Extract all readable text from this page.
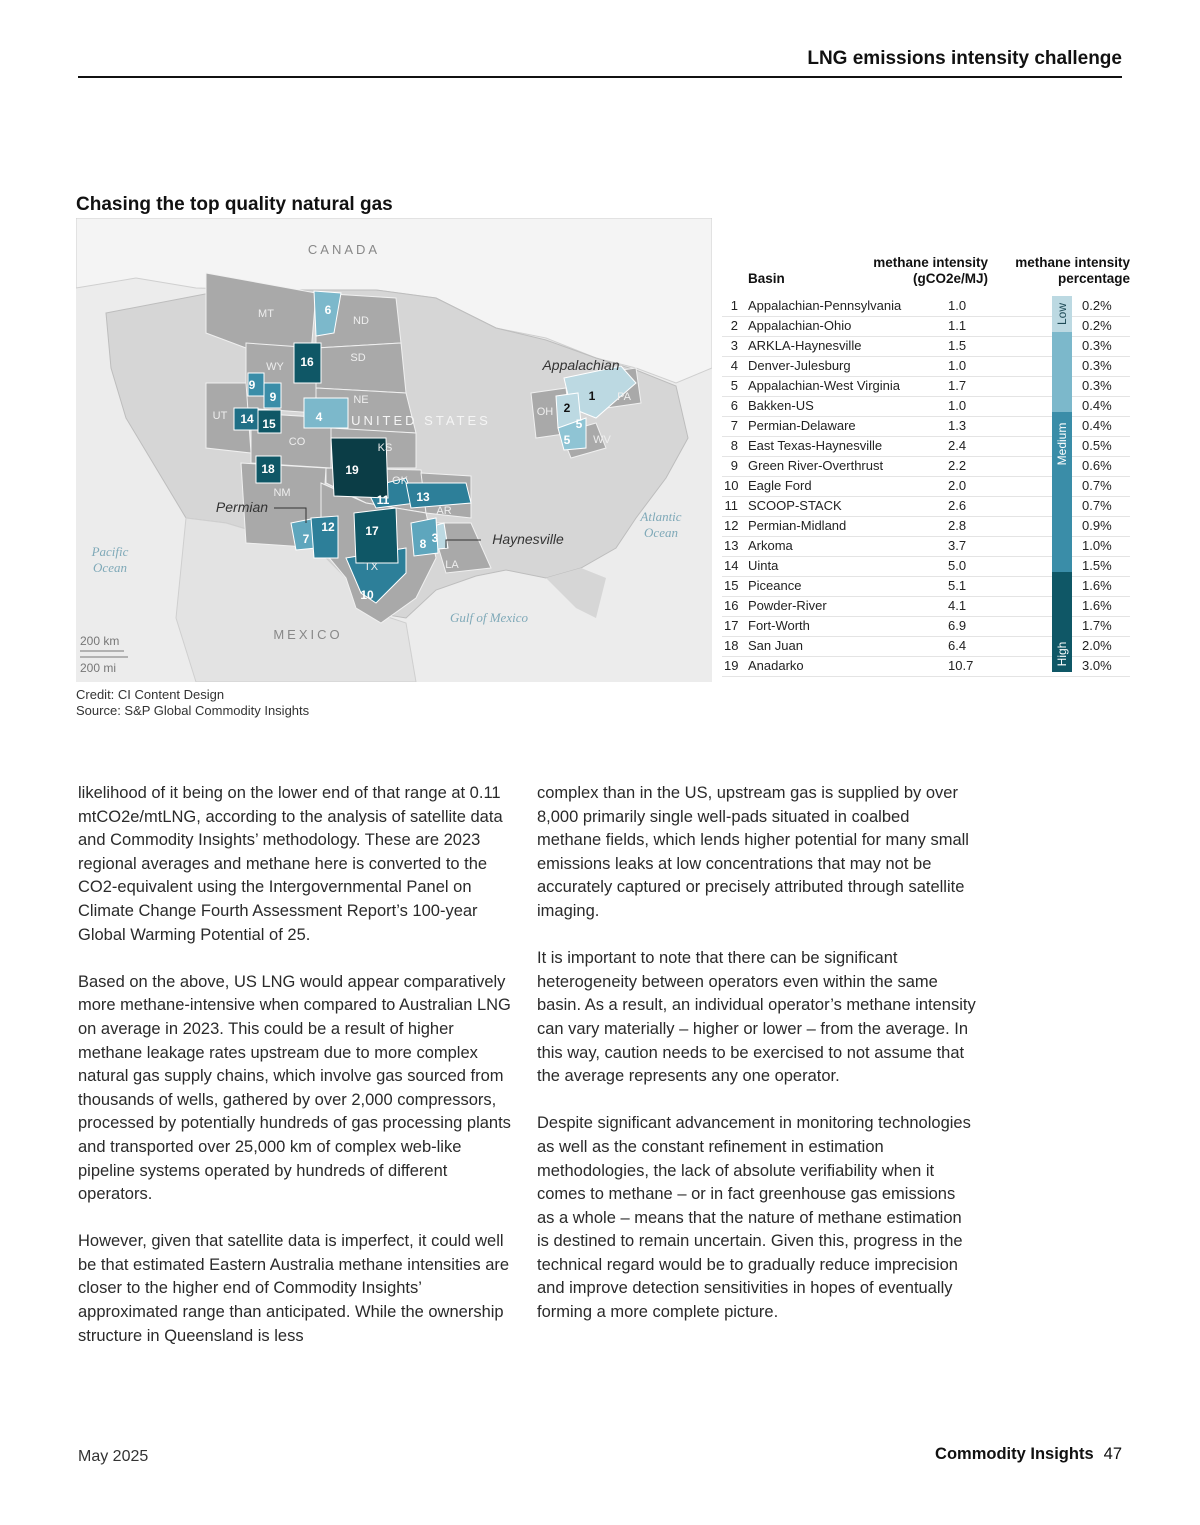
LNG emissions intensity challenge
Chasing the top quality natural gas
1
2
3
4
5
5
6
7	8
9
9
10
11
12
13
14 15
16
17
18	19
CANADA
UNITED STATES
MEXICO
Pacific
Ocean
Atlantic
Ocean
Gulf of Mexico
Appalachian
Permian
Haynesville
MT
ND
SD
WY
NE
UT
CO	KS
OK
NM
TX
AR
LA
OH
WV
PA
200 km
200 mi
Credit: CI Content Design
Source: S&P Global Commodity Insights
Basin
methane intensity
(gCO2e/MJ)
methane intensity
percentage
1 Appalachian-Pennsylvania	1.0	0.2%
2 Appalachian-Ohio	1.1	0.2%
3 ARKLA-Haynesville	1.5	0.3%
4 Denver-Julesburg	1.0	0.3%
5 Appalachian-West Virginia	1.7	0.3%
6 Bakken-US	1.0	0.4%
7 Permian-Delaware	1.3	0.4%
8 East Texas-Haynesville	2.4	0.5%
9 Green River-Overthrust	2.2	0.6%
10 Eagle Ford	2.0	0.7%
11 SCOOP-STACK	2.6	0.7%
12 Permian-Midland	2.8	0.9%
13 Arkoma	3.7	1.0%
14 Uinta	5.0	1.5%
15 Piceance	5.1	1.6%
16 Powder-River	4.1	1.6%
17 Fort-Worth	6.9	1.7%
18 San Juan	6.4	2.0%
19 Anadarko	10.7	3.0%
Low
Medium
High

likelihood of it being on the lower end of that range at 0.11 mtCO2e/mtLNG, according to the analysis of satellite data and Commodity Insights’ methodology. These are 2023 regional averages and methane here is converted to the CO2-equivalent using the Intergovernmental Panel on Climate Change Fourth Assessment Report’s 100-year Global Warming Potential of 25.

Based on the above, US LNG would appear comparatively more methane-intensive when compared to Australian LNG on average in 2023. This could be a result of higher methane leakage rates upstream due to more complex natural gas supply chains, which involve gas sourced from thousands of wells, gathered by over 2,000 compressors, processed by potentially hundreds of gas processing plants and transported over 25,000 km of complex web-like pipeline systems operated by hundreds of different operators.

However, given that satellite data is imperfect, it could well be that estimated Eastern Australia methane intensities are closer to the higher end of Commodity Insights’ approximated range than anticipated. While the ownership structure in Queensland is less

complex than in the US, upstream gas is supplied by over 8,000 primarily single well-pads situated in coalbed methane fields, which lends higher potential for many small emissions leaks at low concentrations that may not be accurately captured or precisely attributed through satellite imaging.

It is important to note that there can be significant heterogeneity between operators even within the same basin. As a result, an individual operator’s methane intensity can vary materially – higher or lower – from the average. In this way, caution needs to be exercised to not assume that the average represents any one operator.

Despite significant advancement in monitoring technologies as well as the constant refinement in estimation methodologies, the lack of absolute verifiability when it comes to methane – or in fact greenhouse gas emissions as a whole – means that the nature of methane estimation is destined to remain uncertain. Given this, progress in the technical regard would be to gradually reduce imprecision and improve detection sensitivities in hopes of eventually forming a more complete picture.

May 2025	Commodity Insights 47
